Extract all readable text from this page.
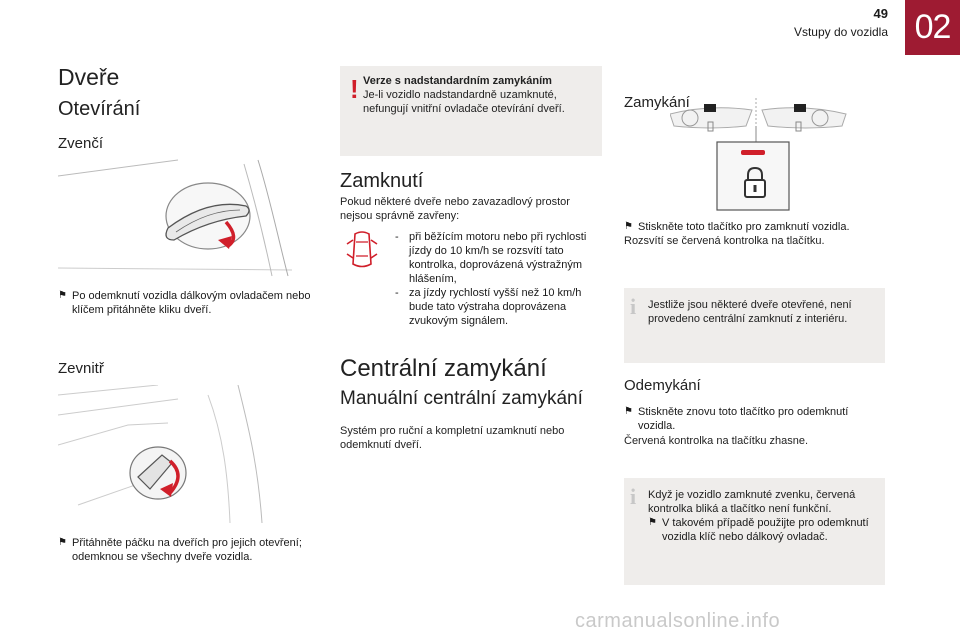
49
Vstupy do vozidla 02
Dveře
Otevírání
Zvenčí
⚑ Po odemknutí vozidla dálkovým ovladačem nebo klíčem přitáhněte kliku dveří.
Zevnitř
⚑ Přitáhněte páčku na dveřích pro jejich otevření; odemknou se všechny dveře vozidla.
! Verze s nadstandardním zamykáním
Je-li vozidlo nadstandardně uzamknuté, nefungují vnitřní ovladače otevírání dveří.
Zamknutí
Pokud některé dveře nebo zavazadlový prostor nejsou správně zavřeny:
- při běžícím motoru nebo při rychlosti jízdy do 10 km/h se rozsvítí tato kontrolka, doprovázená výstražným hlášením,
- za jízdy rychlostí vyšší než 10 km/h bude tato výstraha doprovázena zvukovým signálem.
Centrální zamykání
Manuální centrální zamykání
Systém pro ruční a kompletní uzamknutí nebo odemknutí dveří.
Zamykání
⚑ Stiskněte toto tlačítko pro zamknutí vozidla.
Rozsvítí se červená kontrolka na tlačítku.
i Jestliže jsou některé dveře otevřené, není provedeno centrální zamknutí z interiéru.
Odemykání
⚑ Stiskněte znovu toto tlačítko pro odemknutí vozidla.
Červená kontrolka na tlačítku zhasne.
i Když je vozidlo zamknuté zvenku, červená kontrolka bliká a tlačítko není funkční.
⚑ V takovém případě použijte pro odemknutí vozidla klíč nebo dálkový ovladač.
carmanualsonline.info
